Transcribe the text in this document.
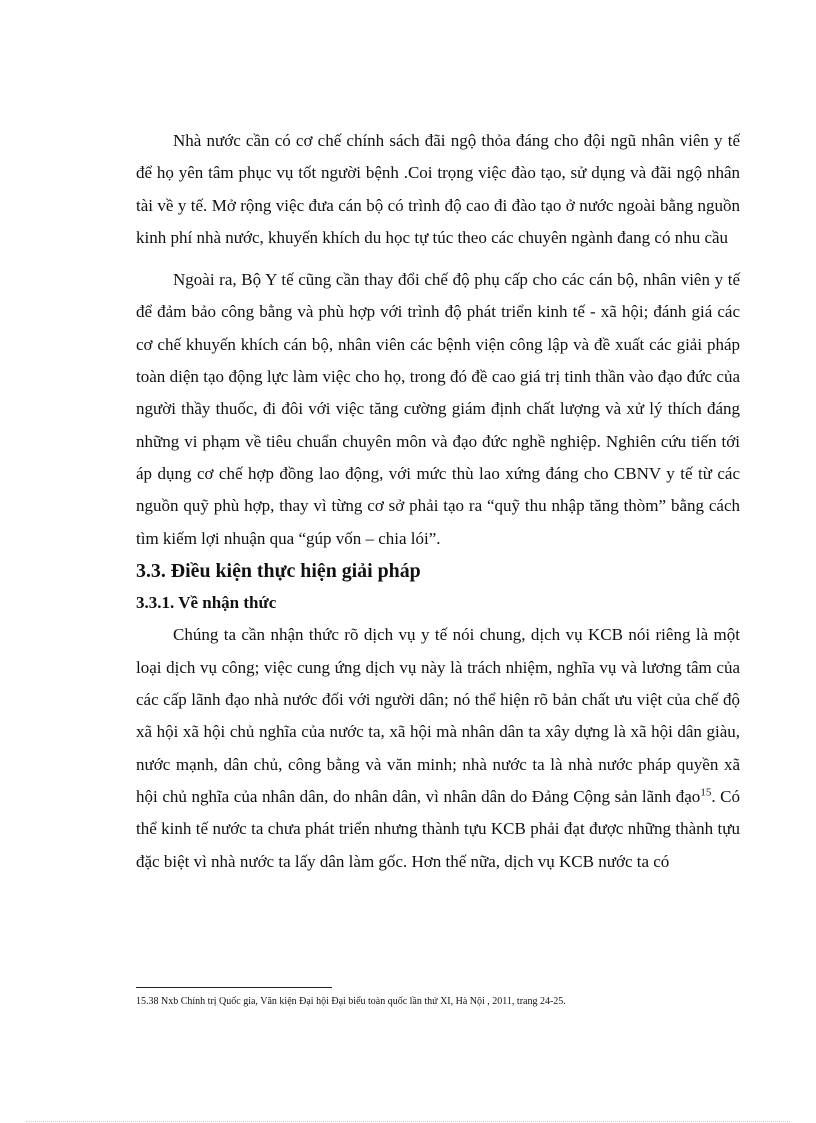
Nhà nước cần có cơ chế chính sách đãi ngộ thỏa đáng cho đội ngũ nhân viên y tế để họ yên tâm phục vụ tốt người bệnh .Coi trọng việc đào tạo, sử dụng và đãi ngộ nhân tài về y tế. Mở rộng việc đưa cán bộ có trình độ cao đi đào tạo ở nước ngoài bằng nguồn kinh phí nhà nước, khuyến khích du học tự túc theo các chuyên ngành đang có nhu cầu

Ngoài ra, Bộ Y tế cũng cần thay đổi chế độ phụ cấp cho các cán bộ, nhân viên y tế để đảm bảo công bằng và phù hợp với trình độ phát triển kinh tế - xã hội; đánh giá các cơ chế khuyến khích cán bộ, nhân viên các bệnh viện công lập và đề xuất các giải pháp toàn diện tạo động lực làm việc cho họ, trong đó đề cao giá trị tinh thần vào đạo đức của người thầy thuốc, đi đôi với việc tăng cường giám định chất lượng và xử lý thích đáng những vi phạm về tiêu chuẩn chuyên môn và đạo đức nghề nghiệp. Nghiên cứu tiến tới áp dụng cơ chế hợp đồng lao động, với mức thù lao xứng đáng cho CBNV y tế từ các nguồn quỹ phù hợp, thay vì từng cơ sở phải tạo ra “quỹ thu nhập tăng thòm” bằng cách tìm kiếm lợi nhuận qua “gúp vốn – chia lói”.

3.3. Điều kiện thực hiện giải pháp
3.3.1. Về nhận thức

Chúng ta cần nhận thức rõ dịch vụ y tế nói chung, dịch vụ KCB nói riêng là một loại dịch vụ công; việc cung ứng dịch vụ này là trách nhiệm, nghĩa vụ và lương tâm của các cấp lãnh đạo nhà nước đối với người dân; nó thể hiện rõ bản chất ưu việt của chế độ xã hội xã hội chủ nghĩa của nước ta, xã hội mà nhân dân ta xây dựng là xã hội dân giàu, nước mạnh, dân chủ, công bằng và văn minh; nhà nước ta là nhà nước pháp quyền xã hội chủ nghĩa của nhân dân, do nhân dân, vì nhân dân do Đảng Cộng sản lãnh đạo$^{15}$. Có thể kinh tế nước ta chưa phát triển nhưng thành tựu KCB phải đạt được những thành tựu đặc biệt vì nhà nước ta lấy dân làm gốc. Hơn thế nữa, dịch vụ KCB nước ta có

15.38 Nxb Chính trị Quốc gia, Văn kiện Đại hội Đại biểu toàn quốc lần thứ XI, Hà Nội , 2011, trang 24-25.
